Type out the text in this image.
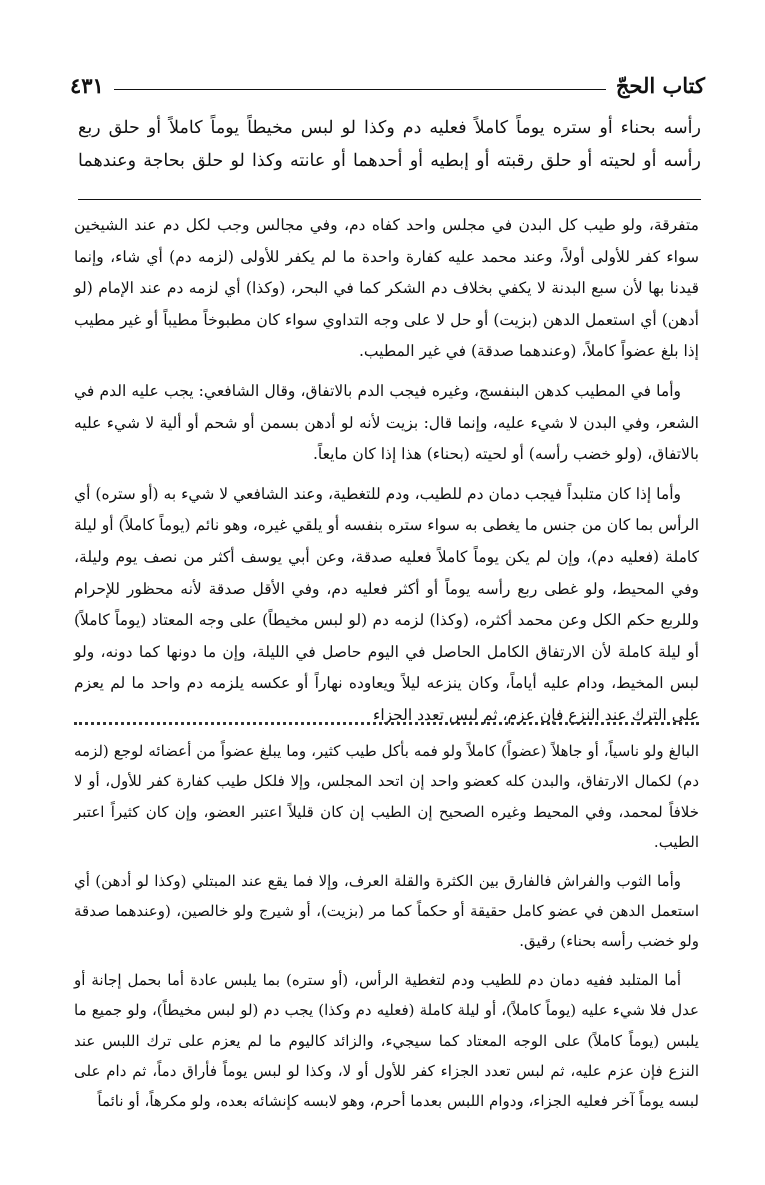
كتاب الحجّ
٤٣١

رأسه بحناء أو ستره يوماً كاملاً فعليه دم وكذا لو لبس مخيطاً يوماً كاملاً أو حلق ربع

رأسه أو لحيته أو حلق رقبته أو إبطيه أو أحدهما أو عانته وكذا لو حلق بحاجة وعندهما

متفرقة، ولو طيب كل البدن في مجلس واحد كفاه دم، وفي مجالس وجب لكل دم عند الشيخين سواء كفر للأولى أولاً، وعند محمد عليه كفارة واحدة ما لم يكفر للأولى (لزمه دم) أي شاء، وإنما قيدنا بها لأن سبع البدنة لا يكفي بخلاف دم الشكر كما في البحر، (وكذا) أي لزمه دم عند الإمام (لو أدهن) أي استعمل الدهن (بزيت) أو حل لا على وجه التداوي سواء كان مطبوخاً مطيباً أو غير مطيب إذا بلغ عضواً كاملاً، (وعندهما صدقة) في غير المطيب.

وأما في المطيب كدهن البنفسج، وغيره فيجب الدم بالاتفاق، وقال الشافعي: يجب عليه الدم في الشعر، وفي البدن لا شيء عليه، وإنما قال: بزيت لأنه لو أدهن بسمن أو شحم أو ألية لا شيء عليه بالاتفاق، (ولو خضب رأسه) أو لحيته (بحناء) هذا إذا كان مايعاً.

وأما إذا كان متلبداً فيجب دمان دم للطيب، ودم للتغطية، وعند الشافعي لا شيء به (أو ستره) أي الرأس بما كان من جنس ما يغطى به سواء ستره بنفسه أو يلقي غيره، وهو نائم (يوماً كاملاً) أو ليلة كاملة (فعليه دم)، وإن لم يكن يوماً كاملاً فعليه صدقة، وعن أبي يوسف أكثر من نصف يوم وليلة، وفي المحيط، ولو غطى ربع رأسه يوماً أو أكثر فعليه دم، وفي الأقل صدقة لأنه محظور للإحرام وللربع حكم الكل وعن محمد أكثره، (وكذا) لزمه دم (لو لبس مخيطاً) على وجه المعتاد (يوماً كاملاً) أو ليلة كاملة لأن الارتفاق الكامل الحاصل في اليوم حاصل في الليلة، وإن ما دونها كما دونه، ولو لبس المخيط، ودام عليه أياماً، وكان ينزعه ليلاً ويعاوده نهاراً أو عكسه يلزمه دم واحد ما لم يعزم على الترك عند النزع فإن عزم، ثم لبس تعدد الجزاء

البالغ ولو ناسياً، أو جاهلاً (عضواً) كاملاً ولو فمه بأكل طيب كثير، وما يبلغ عضواً من أعضائه لوجع (لزمه دم) لكمال الارتفاق، والبدن كله كعضو واحد إن اتحد المجلس، وإلا فلكل طيب كفارة كفر للأول، أو لا خلافاً لمحمد، وفي المحيط وغيره الصحيح إن الطيب إن كان قليلاً اعتبر العضو، وإن كان كثيراً اعتبر الطيب.

وأما الثوب والفراش فالفارق بين الكثرة والقلة العرف، وإلا فما يقع عند المبتلي (وكذا لو أدهن) أي استعمل الدهن في عضو كامل حقيقة أو حكماً كما مر (بزيت)، أو شيرج ولو خالصين، (وعندهما صدقة ولو خضب رأسه بحناء) رقيق.

أما المتلبد ففيه دمان دم للطيب ودم لتغطية الرأس، (أو ستره) بما يلبس عادة أما بحمل إجانة أو عدل فلا شيء عليه (يوماً كاملاً)، أو ليلة كاملة (فعليه دم وكذا) يجب دم (لو لبس مخيطاً)، ولو جميع ما يلبس (يوماً كاملاً) على الوجه المعتاد كما سيجيء، والزائد كاليوم ما لم يعزم على ترك اللبس عند النزع فإن عزم عليه، ثم لبس تعدد الجزاء كفر للأول أو لا، وكذا لو لبس يوماً فأراق دماً، ثم دام على لبسه يوماً آخر فعليه الجزاء، ودوام اللبس بعدما أحرم، وهو لابسه كإنشائه بعده، ولو مكرهاً، أو نائماً
